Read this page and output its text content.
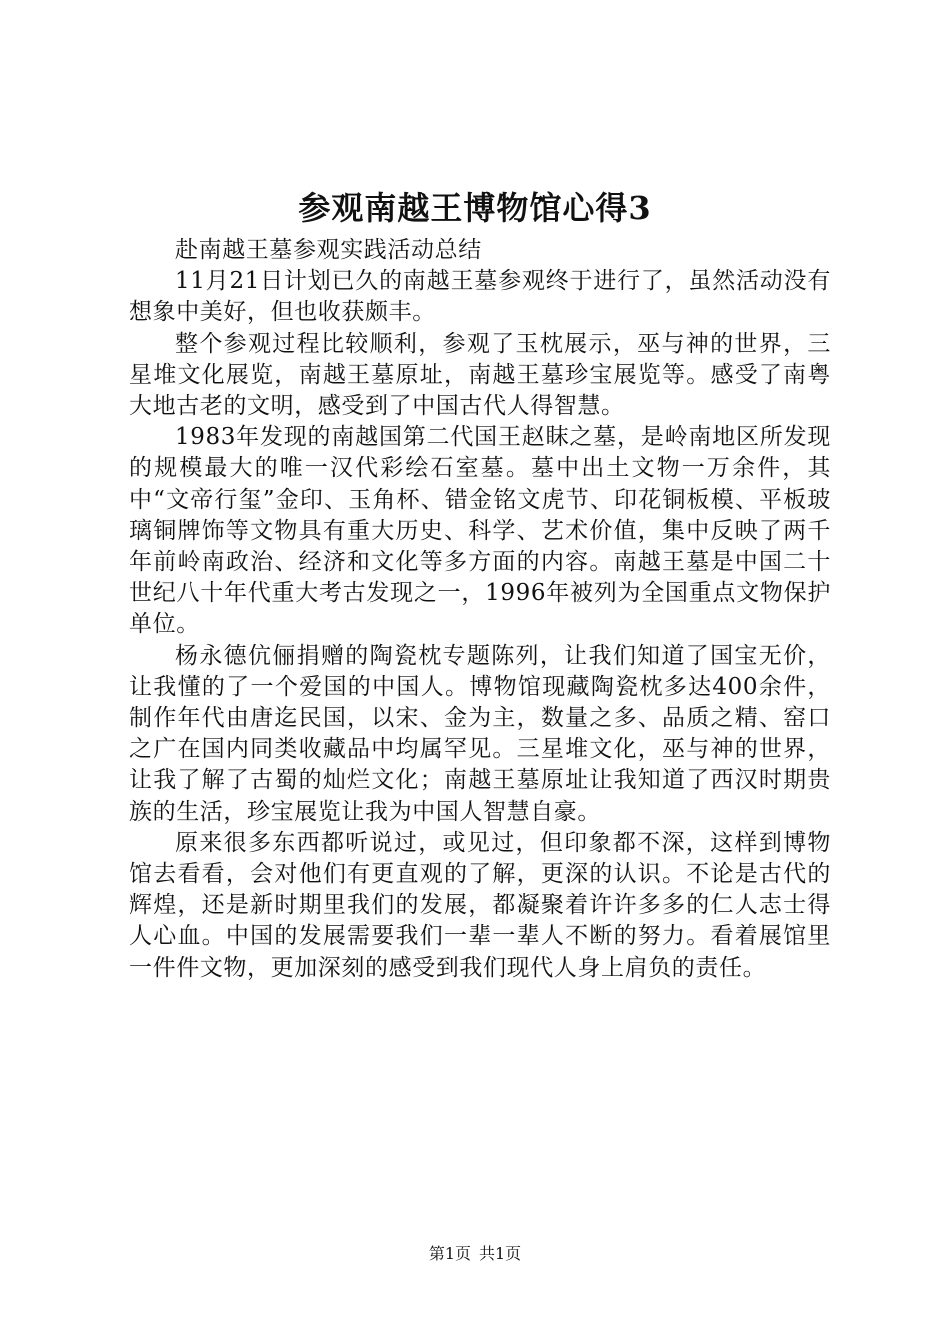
参观南越王博物馆心得3

赴南越王墓参观实践活动总结

11月21日计划已久的南越王墓参观终于进行了，虽然活动没有想象中美好，但也收获颇丰。

整个参观过程比较顺利，参观了玉枕展示，巫与神的世界，三星堆文化展览，南越王墓原址，南越王墓珍宝展览等。感受了南粤大地古老的文明，感受到了中国古代人得智慧。

1983年发现的南越国第二代国王赵眜之墓，是岭南地区所发现的规模最大的唯一汉代彩绘石室墓。墓中出土文物一万余件，其中“文帝行玺”金印、玉角杯、错金铭文虎节、印花铜板模、平板玻璃铜牌饰等文物具有重大历史、科学、艺术价值，集中反映了两千年前岭南政治、经济和文化等多方面的内容。南越王墓是中国二十世纪八十年代重大考古发现之一，1996年被列为全国重点文物保护单位。

杨永德伉俪捐赠的陶瓷枕专题陈列，让我们知道了国宝无价，让我懂的了一个爱国的中国人。博物馆现藏陶瓷枕多达400余件，制作年代由唐迄民国，以宋、金为主，数量之多、品质之精、窑口之广在国内同类收藏品中均属罕见。三星堆文化，巫与神的世界，让我了解了古蜀的灿烂文化；南越王墓原址让我知道了西汉时期贵族的生活，珍宝展览让我为中国人智慧自豪。

原来很多东西都听说过，或见过，但印象都不深，这样到博物馆去看看，会对他们有更直观的了解，更深的认识。不论是古代的辉煌，还是新时期里我们的发展，都凝聚着许许多多的仁人志士得人心血。中国的发展需要我们一辈一辈人不断的努力。看着展馆里一件件文物，更加深刻的感受到我们现代人身上肩负的责任。

第1页 共1页
